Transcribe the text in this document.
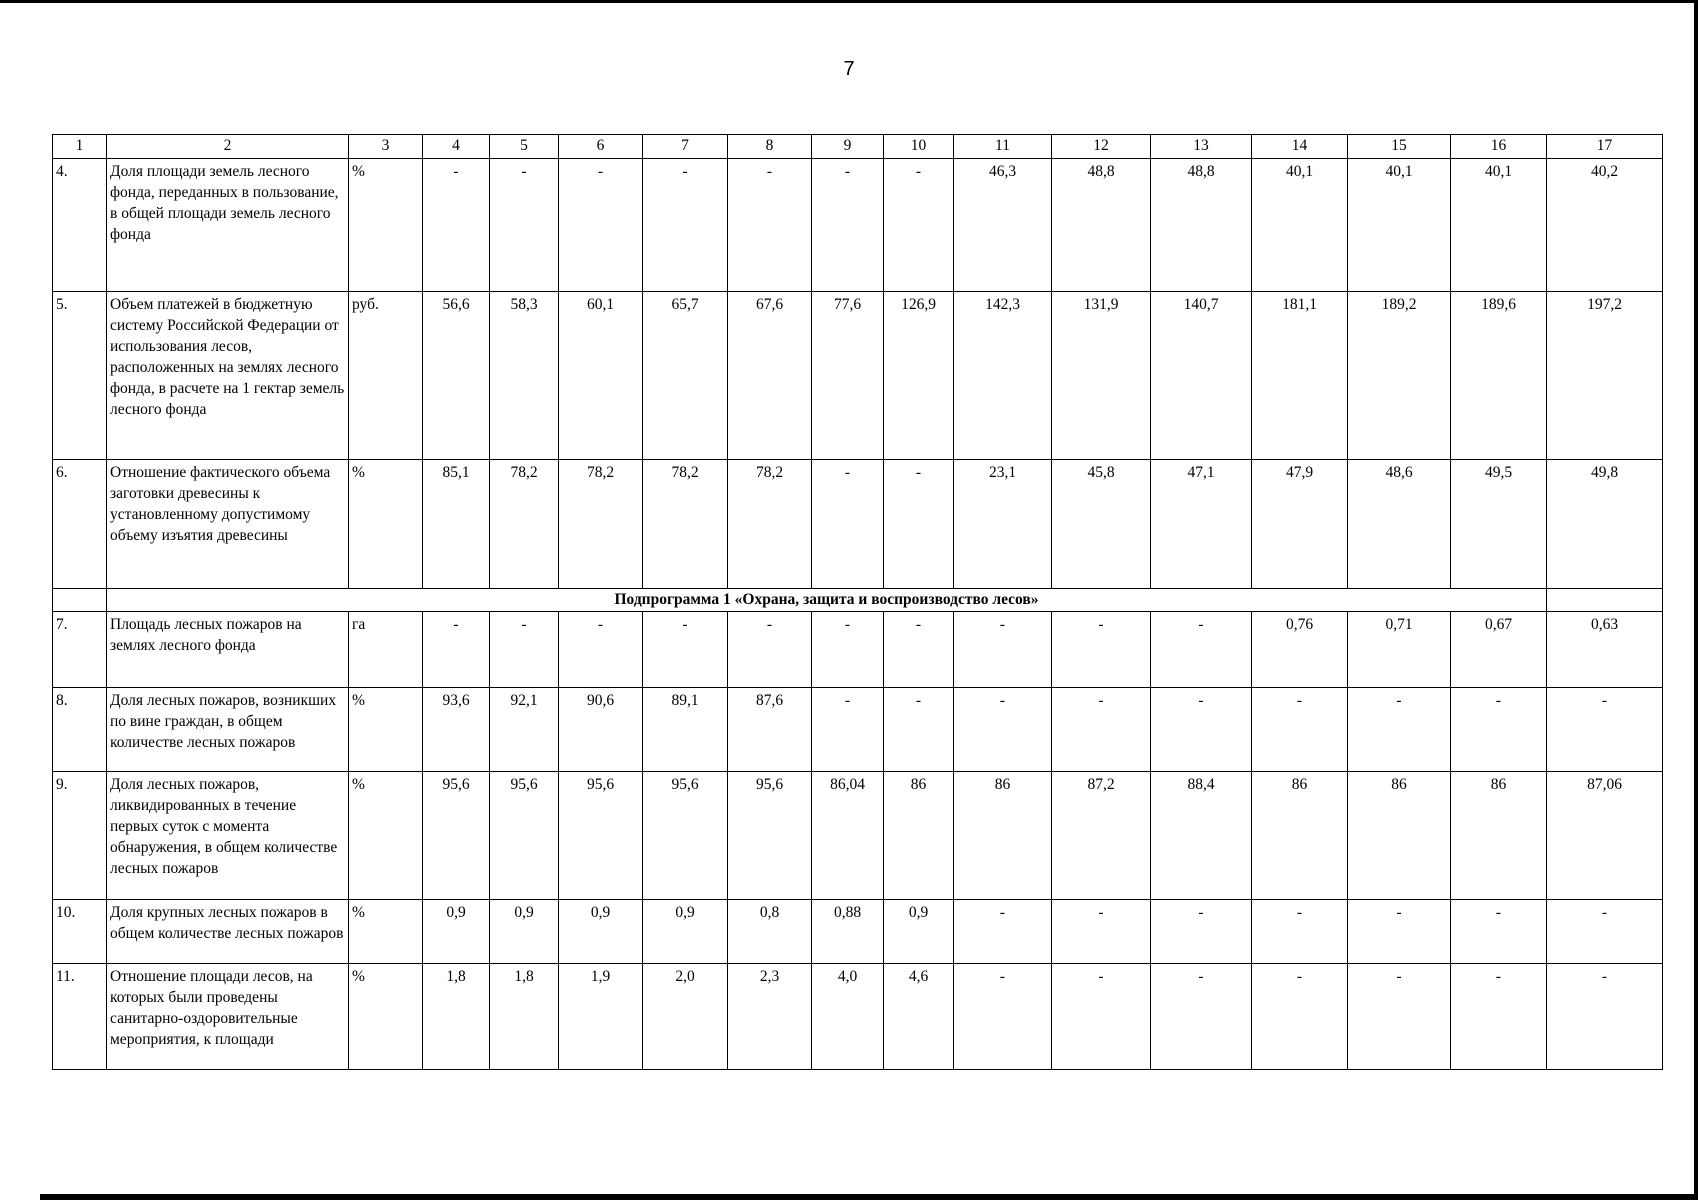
7
1	2	3	4	5	6	7	8	9	10	11	12	13	14	15	16	17
4.	Доля площади земель лесного фонда, переданных в пользование, в общей площади земель лесного фонда	%	-	-	-	-	-	-	-	46,3	48,8	48,8	40,1	40,1	40,1	40,2
5.	Объем платежей в бюджетную систему Российской Федерации от использования лесов, расположенных на землях лесного фонда, в расчете на 1 гектар земель лесного фонда	руб.	56,6	58,3	60,1	65,7	67,6	77,6	126,9	142,3	131,9	140,7	181,1	189,2	189,6	197,2
6.	Отношение фактического объема заготовки древесины к установленному допустимому объему изъятия древесины	%	85,1	78,2	78,2	78,2	78,2	-	-	23,1	45,8	47,1	47,9	48,6	49,5	49,8
	Подпрограмма 1 «Охрана, защита и воспроизводство лесов»															
7.	Площадь лесных пожаров на землях лесного фонда	га	-	-	-	-	-	-	-	-	-	-	0,76	0,71	0,67	0,63
8.	Доля лесных пожаров, возникших по вине граждан, в общем количестве лесных пожаров	%	93,6	92,1	90,6	89,1	87,6	-	-	-	-	-	-	-	-	-
9.	Доля лесных пожаров, ликвидированных в течение первых суток с момента обнаружения, в общем количестве лесных пожаров	%	95,6	95,6	95,6	95,6	95,6	86,04	86	86	87,2	88,4	86	86	86	87,06
10.	Доля крупных лесных пожаров в общем количестве лесных пожаров	%	0,9	0,9	0,9	0,9	0,8	0,88	0,9	-	-	-	-	-	-	-
11.	Отношение площади лесов, на которых были проведены санитарно-оздоровительные мероприятия, к площади	%	1,8	1,8	1,9	2,0	2,3	4,0	4,6	-	-	-	-	-	-	-
